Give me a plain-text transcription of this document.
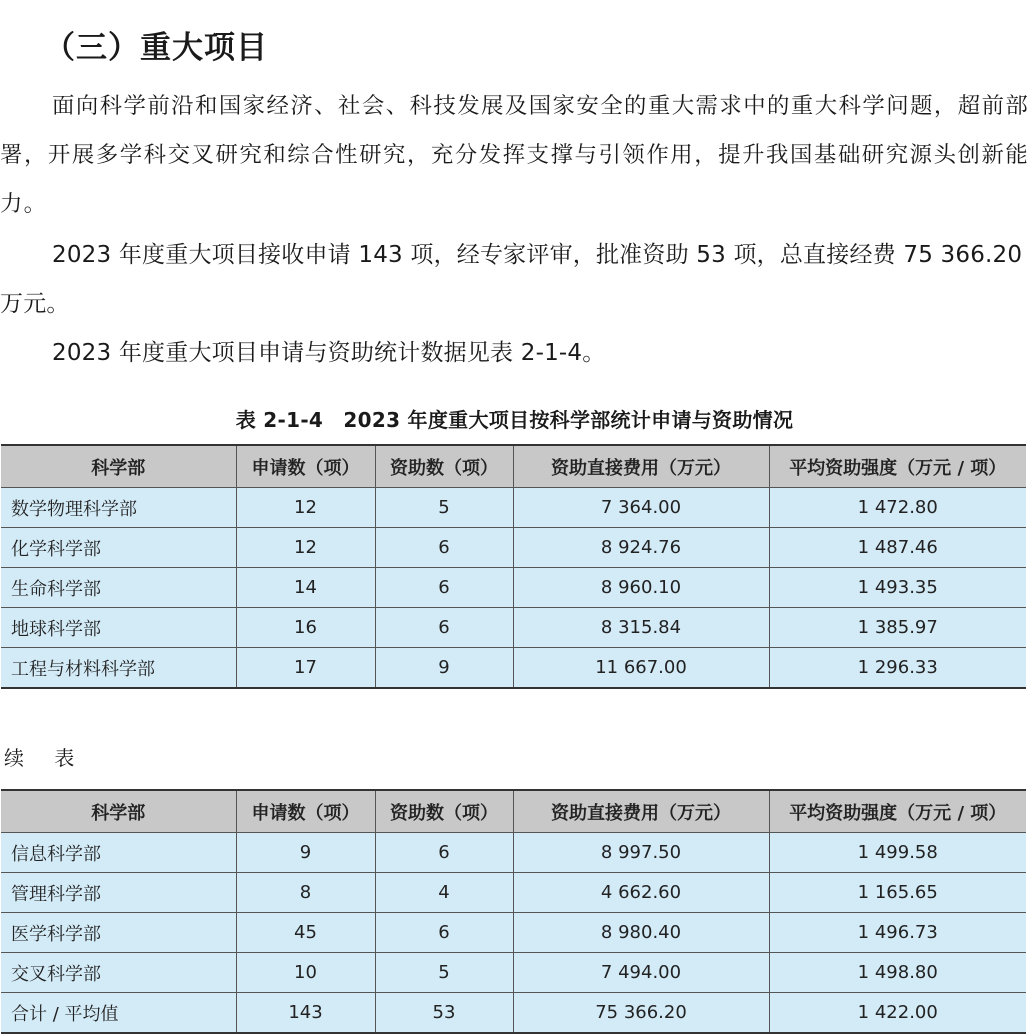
（三）重大项目

面向科学前沿和国家经济、社会、科技发展及国家安全的重大需求中的重大科学问题，超前部署，开展多学科交叉研究和综合性研究，充分发挥支撑与引领作用，提升我国基础研究源头创新能力。

2023 年度重大项目接收申请 143 项，经专家评审，批准资助 53 项，总直接经费 75 366.20 万元。

2023 年度重大项目申请与资助统计数据见表 2-1-4。

表 2-1-4　2023 年度重大项目按科学部统计申请与资助情况
科学部	申请数（项）	资助数（项）	资助直接费用（万元）	平均资助强度（万元 / 项）
数学物理科学部	12	5	7 364.00	1 472.80
化学科学部	12	6	8 924.76	1 487.46
生命科学部	14	6	8 960.10	1 493.35
地球科学部	16	6	8 315.84	1 385.97
工程与材料科学部	17	9	11 667.00	1 296.33
续 表
科学部	申请数（项）	资助数（项）	资助直接费用（万元）	平均资助强度（万元 / 项）
信息科学部	9	6	8 997.50	1 499.58
管理科学部	8	4	4 662.60	1 165.65
医学科学部	45	6	8 980.40	1 496.73
交叉科学部	10	5	7 494.00	1 498.80
合计 / 平均值	143	53	75 366.20	1 422.00
